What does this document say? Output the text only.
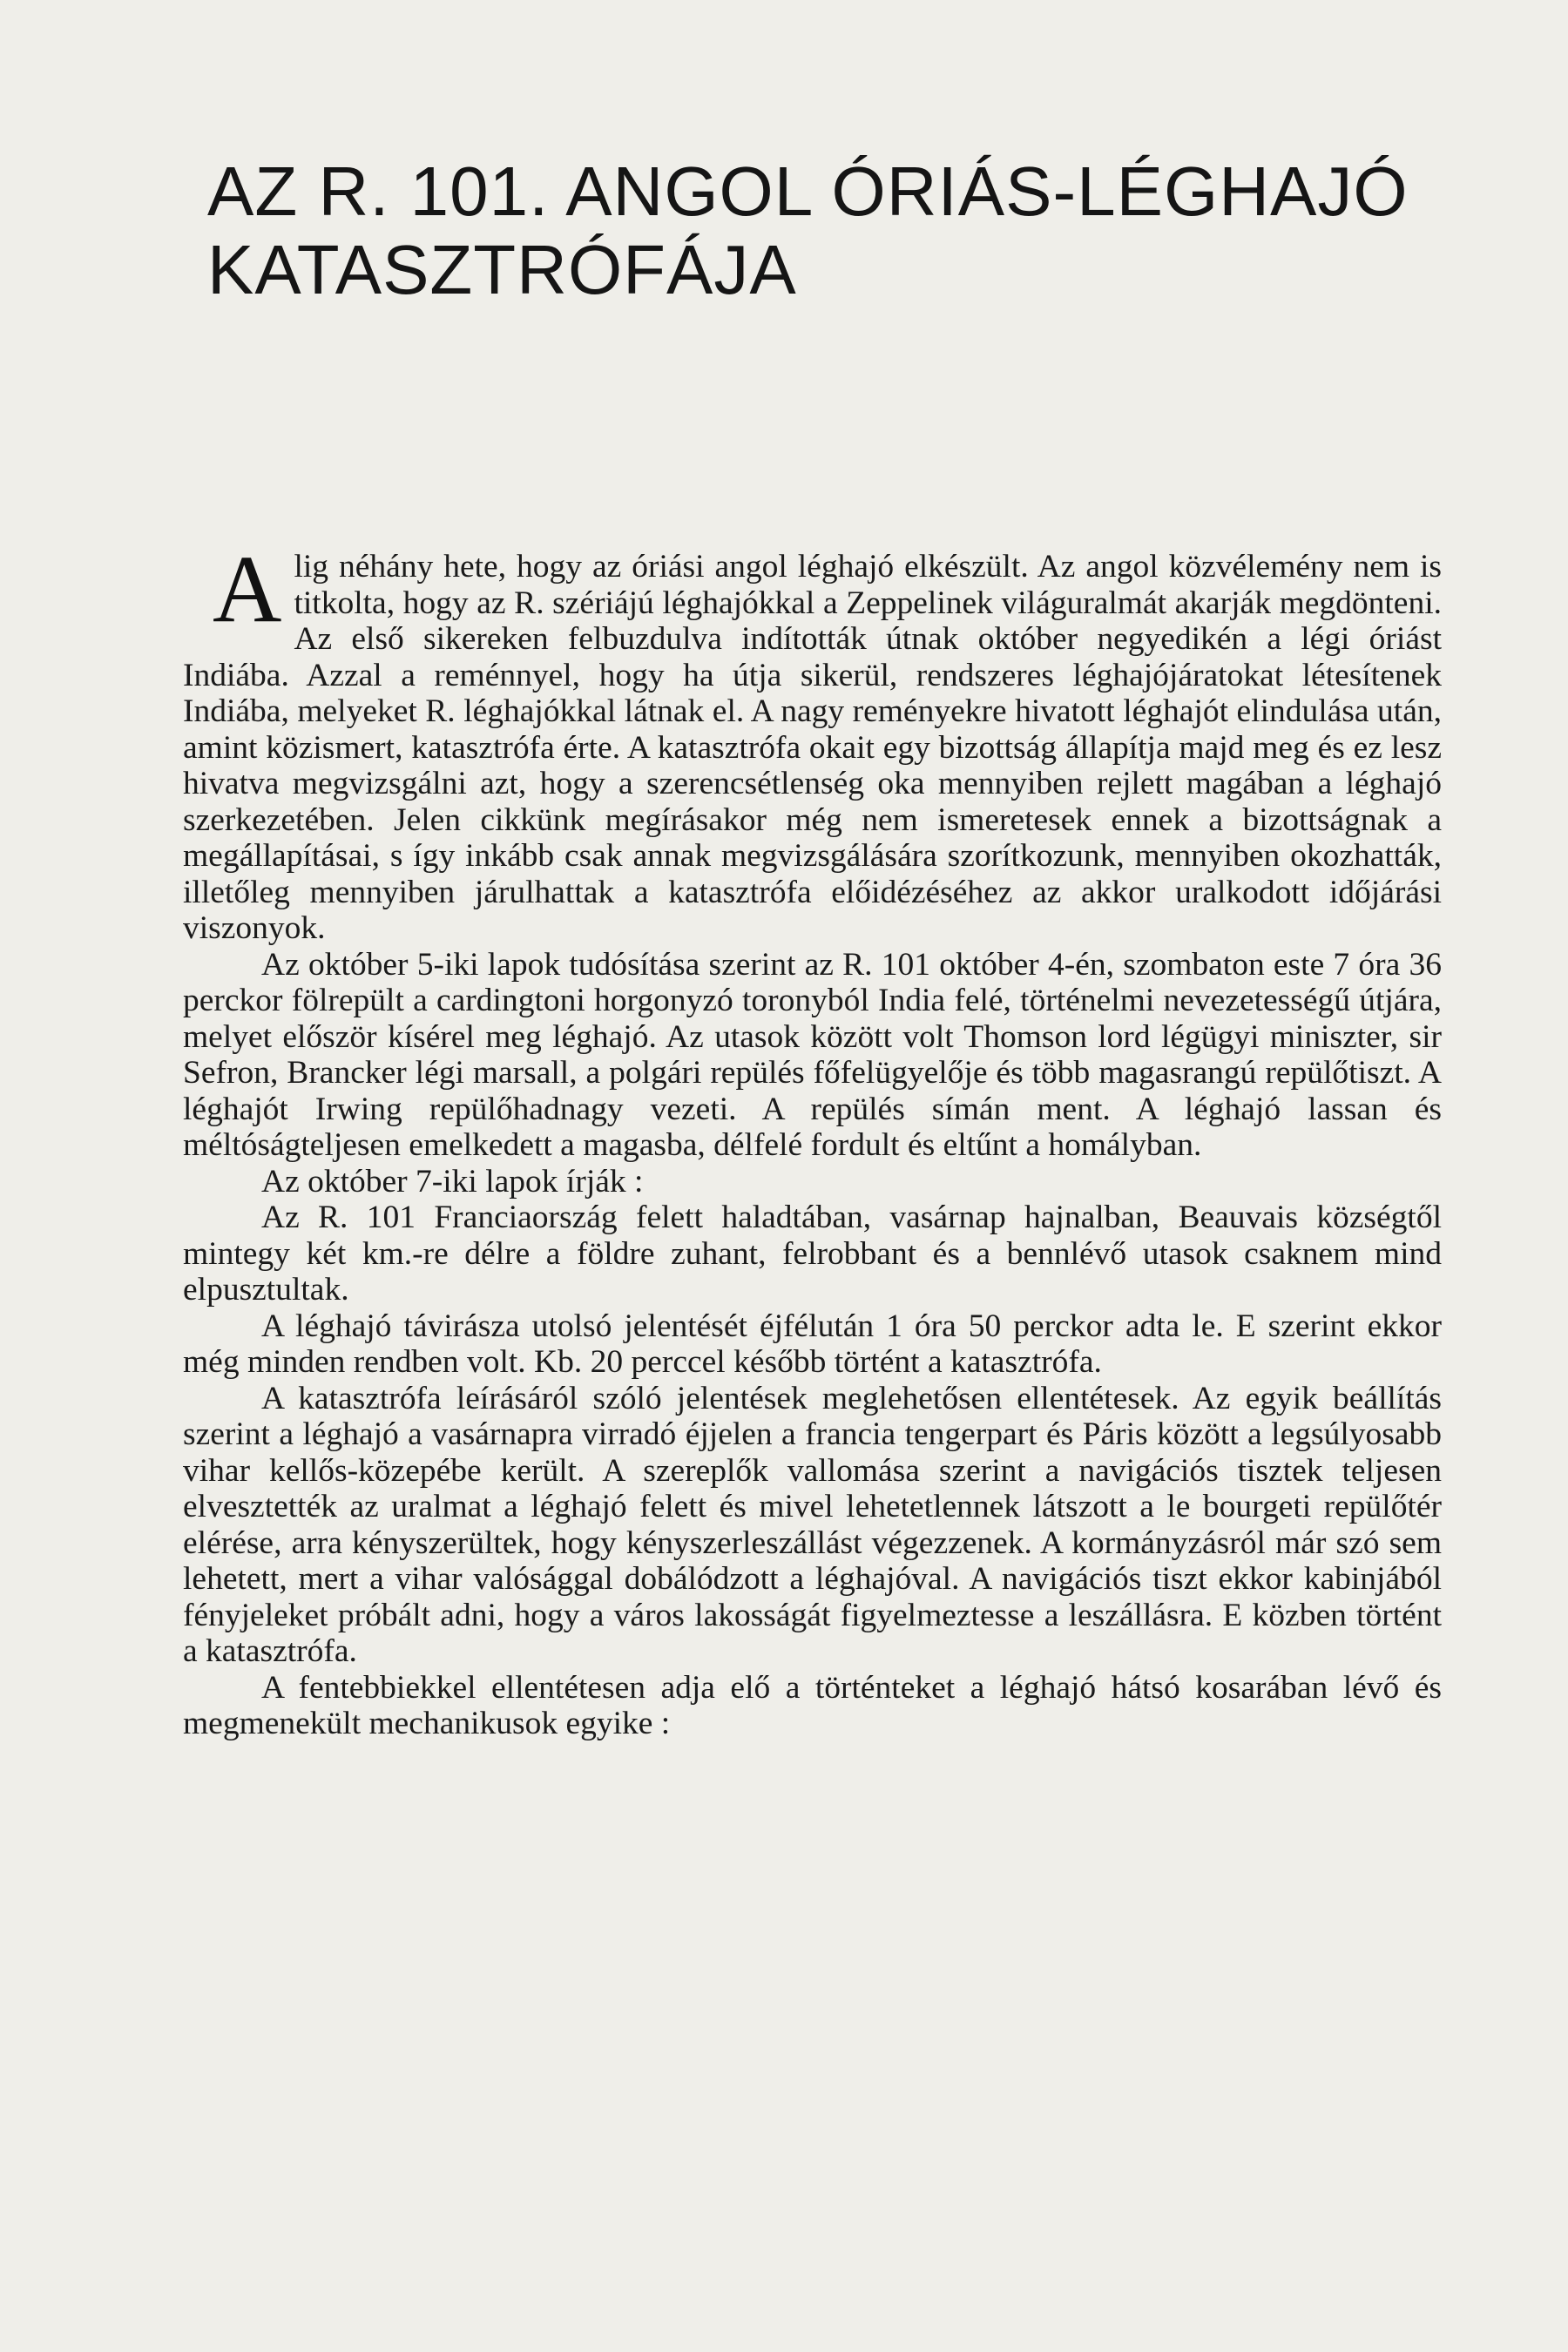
AZ R. 101. ANGOL ÓRIÁS-LÉGHAJÓ
KATASZTRÓFÁJA

Alig néhány hete, hogy az óriási angol léghajó elkészült. Az angol közvélemény nem is titkolta, hogy az R. szériájú léghajókkal a Zeppelinek világuralmát akarják megdönteni. Az első sikereken felbuzdulva indították útnak október negyedikén a légi óriást Indiába. Azzal a reménnyel, hogy ha útja sikerül, rendszeres léghajójáratokat létesítenek Indiába, melyeket R. léghajókkal látnak el. A nagy reményekre hivatott léghajót elindulása után, amint közismert, katasztrófa érte. A katasztrófa okait egy bizottság állapítja majd meg és ez lesz hivatva megvizsgálni azt, hogy a szerencsétlenség oka mennyiben rejlett magában a léghajó szerkezetében. Jelen cikkünk megírásakor még nem ismeretesek ennek a bizottságnak a megállapításai, s így inkább csak annak megvizsgálására szorítkozunk, mennyiben okozhatták, illetőleg mennyiben járulhattak a katasztrófa előidézéséhez az akkor uralkodott időjárási viszonyok.

Az október 5-iki lapok tudósítása szerint az R. 101 október 4-én, szombaton este 7 óra 36 perckor fölrepült a cardingtoni horgonyzó toronyból India felé, történelmi nevezetességű útjára, melyet először kísérel meg léghajó. Az utasok között volt Thomson lord légügyi miniszter, sir Sefron, Brancker légi marsall, a polgári repülés főfelügyelője és több magasrangú repülőtiszt. A léghajót Irwing repülőhadnagy vezeti. A repülés símán ment. A léghajó lassan és méltóságteljesen emelkedett a magasba, délfelé fordult és eltűnt a homályban.

Az október 7-iki lapok írják :

Az R. 101 Franciaország felett haladtában, vasárnap hajnalban, Beauvais községtől mintegy két km.-re délre a földre zuhant, felrobbant és a bennlévő utasok csaknem mind elpusztultak.

A léghajó távirásza utolsó jelentését éjfélután 1 óra 50 perckor adta le. E szerint ekkor még minden rendben volt. Kb. 20 perccel később történt a katasztrófa.

A katasztrófa leírásáról szóló jelentések meglehetősen ellentétesek. Az egyik beállítás szerint a léghajó a vasárnapra virradó éjjelen a francia tengerpart és Páris között a legsúlyosabb vihar kellős-közepébe került. A szereplők vallomása szerint a navigációs tisztek teljesen elvesztették az uralmat a léghajó felett és mivel lehetetlennek látszott a le bourgeti repülőtér elérése, arra kényszerültek, hogy kényszerleszállást végezzenek. A kormányzásról már szó sem lehetett, mert a vihar valósággal dobálódzott a léghajóval. A navigációs tiszt ekkor kabinjából fényjeleket próbált adni, hogy a város lakosságát figyelmeztesse a leszállásra. E közben történt a katasztrófa.

A fentebbiekkel ellentétesen adja elő a történteket a léghajó hátsó kosarában lévő és megmenekült mechanikusok egyike :
